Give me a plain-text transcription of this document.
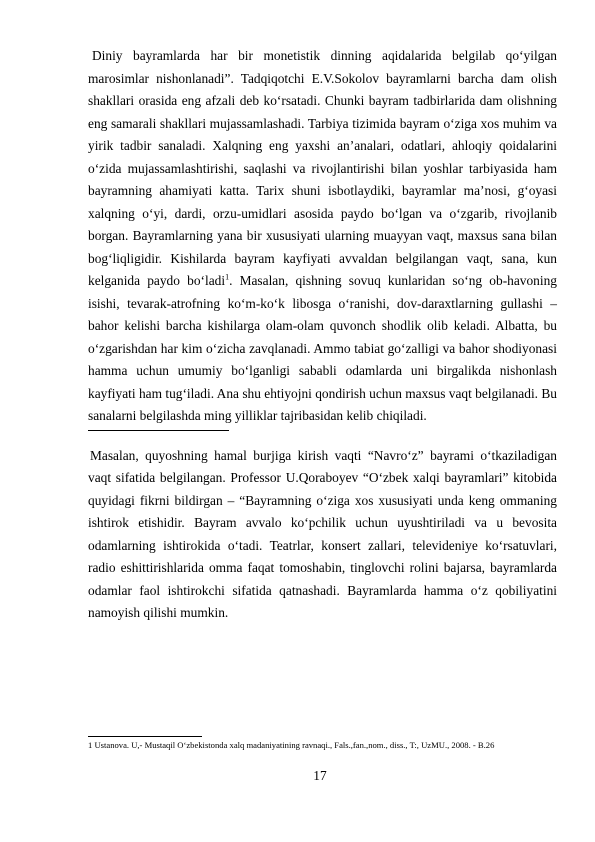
Diniy bayramlarda har bir monetistik dinning aqidalarida belgilab qo‘yilgan marosimlar nishonlanadi”. Tadqiqotchi E.V.Sokolov bayramlarni barcha dam olish shakllari orasida eng afzali deb ko‘rsatadi. Chunki bayram tadbirlarida dam olishning eng samarali shakllari mujassamlashadi. Tarbiya tizimida bayram o‘ziga xos muhim va yirik tadbir sanaladi. Xalqning eng yaxshi an’analari, odatlari, ahloqiy qoidalarini o‘zida mujassamlashtirishi, saqlashi va rivojlantirishi bilan yoshlar tarbiyasida ham bayramning ahamiyati katta. Tarix shuni isbotlaydiki, bayramlar ma’nosi, g‘oyasi xalqning o‘yi, dardi, orzu-umidlari asosida paydo bo‘lgan va o‘zgarib, rivojlanib borgan. Bayramlarning yana bir xususiyati ularning muayyan vaqt, maxsus sana bilan bog‘liqligidir. Kishilarda bayram kayfiyati avvaldan belgilangan vaqt, sana, kun kelganida paydo bo‘ladi$^1$. Masalan, qishning sovuq kunlaridan so‘ng ob-havoning isishi, tevarak-atrofning ko‘m-ko‘k libosga o‘ranishi, dov-daraxtlarning gullashi – bahor kelishi barcha kishilarga olam-olam quvonch shodlik olib keladi. Albatta, bu o‘zgarishdan har kim o‘zicha zavqlanadi. Ammo tabiat go‘zalligi va bahor shodiyonasi hamma uchun umumiy bo‘lganligi sababli odamlarda uni birgalikda nishonlash kayfiyati ham tug‘iladi. Ana shu ehtiyojni qondirish uchun maxsus vaqt belgilanadi. Bu sanalarni belgilashda ming yilliklar tajribasidan kelib chiqiladi.

Masalan, quyoshning hamal burjiga kirish vaqti “Navro‘z” bayrami o‘tkaziladigan vaqt sifatida belgilangan. Professor U.Qoraboyev “O‘zbek xalqi bayramlari” kitobida quyidagi fikrni bildirgan – “Bayramning o‘ziga xos xususiyati unda keng ommaning ishtirok etishidir. Bayram avvalo ko‘pchilik uchun uyushtiriladi va u bevosita odamlarning ishtirokida o‘tadi. Teatrlar, konsert zallari, televideniye ko‘rsatuvlari, radio eshittirishlarida omma faqat tomoshabin, tinglovchi rolini bajarsa, bayramlarda odamlar faol ishtirokchi sifatida qatnashadi. Bayramlarda hamma o‘z qobiliyatini namoyish qilishi mumkin.

1 Ustanova. U,- Mustaqil O‘zbekistonda xalq madaniyatining ravnaqi., Fals.,fan.,nom., diss., T:, UzMU., 2008. - B.26

17
